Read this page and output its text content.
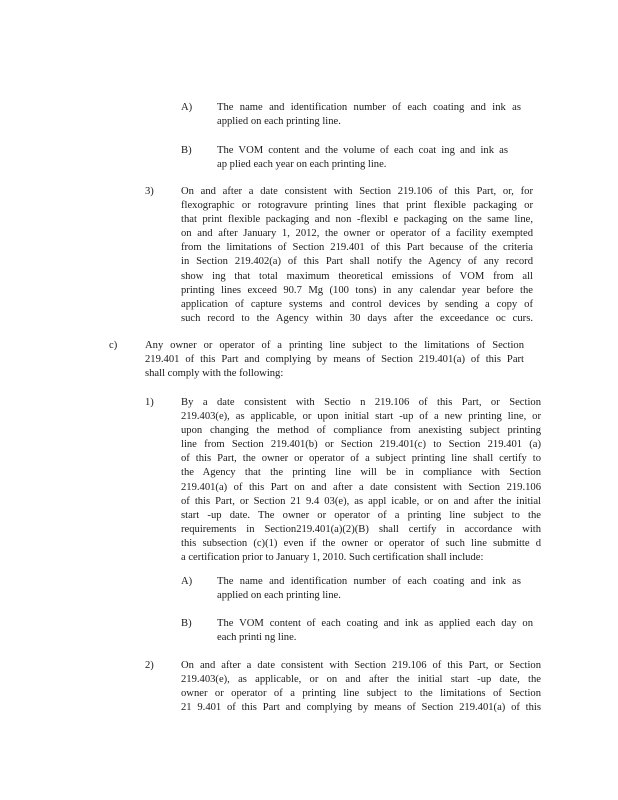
A) The name and identification number of each coating and ink as
applied on each printing line.
B) The VOM content and the volume of each coat ing and ink as
ap plied each year on each printing line.
3)	On and after a date consistent with Section 219.106 of this Part, or, for
flexographic or rotogravure printing lines that print flexible packaging or
that print flexible packaging and non -flexibl e packaging on the same line,
on and after January 1, 2012, the owner or operator of a facility exempted
from the limitations of Section 219.401 of this Part because of the criteria
in Section 219.402(a) of this Part shall notify the Agency of any record
show ing that total maximum theoretical emissions of VOM from all
printing lines exceed 90.7 Mg (100 tons) in any calendar year before the
application of capture systems and control devices by sending a copy of
such record to the Agency within 30 days after the exceedance oc curs.
c)	Any owner or operator of a printing line subject to the limitations of Section
219.401 of this Part and complying by means of Section 219.401(a) of this Part
shall comply with the following:
1)	By a date consistent with Sectio n 219.106 of this Part, or Section
219.403(e), as applicable, or upon initial start -up of a new printing line, or
upon changing the method of compliance from anexisting subject printing
line from Section 219.401(b) or Section 219.401(c) to Section 219.401 (a)
of this Part, the owner or operator of a subject printing line shall certify to
the Agency that the printing line will be in compliance with Section
219.401(a) of this Part on and after a date consistent with Section 219.106
of this Part, or Section 21 9.4 03(e), as appl icable, or on and after the initial
start -up date. The owner or operator of a printing line subject to the
requirements in Section219.401(a)(2)(B) shall certify in accordance with
this subsection (c)(1) even if the owner or operator of such line submitte d
a certification prior to January 1, 2010. Such certification shall include:
A) The name and identification number of each coating and ink as
applied on each printing line.
B) The VOM content of each coating and ink as applied each day on
each printi ng line.
2)	On and after a date consistent with Section 219.106 of this Part, or Section
219.403(e), as applicable, or on and after the initial start -up date, the
owner or operator of a printing line subject to the limitations of Section
21 9.401 of this Part and complying by means of Section 219.401(a) of this
